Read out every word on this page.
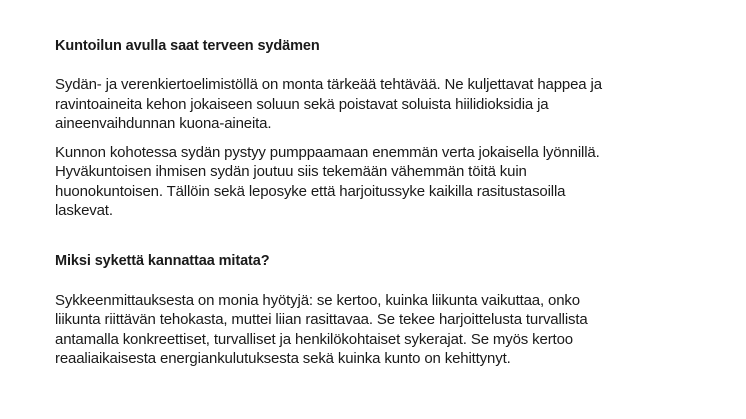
Kuntoilun avulla saat terveen sydämen

Sydän- ja verenkiertoelimistöllä on monta tärkeää tehtävää. Ne kuljettavat happea ja
ravintoaineita kehon jokaiseen soluun sekä poistavat soluista hiilidioksidia ja
aineenvaihdunnan kuona-aineita.

Kunnon kohotessa sydän pystyy pumppaamaan enemmän verta jokaisella lyönnillä.
Hyväkuntoisen ihmisen sydän joutuu siis tekemään vähemmän töitä kuin
huonokuntoisen. Tällöin sekä leposyke että harjoitussyke kaikilla rasitustasoilla
laskevat.

Miksi sykettä kannattaa mitata?

Sykkeenmittauksesta on monia hyötyjä: se kertoo, kuinka liikunta vaikuttaa, onko
liikunta riittävän tehokasta, muttei liian rasittavaa. Se tekee harjoittelusta turvallista
antamalla konkreettiset, turvalliset ja henkilökohtaiset sykerajat. Se myös kertoo
reaaliaikaisesta energiankulutuksesta sekä kuinka kunto on kehittynyt.
